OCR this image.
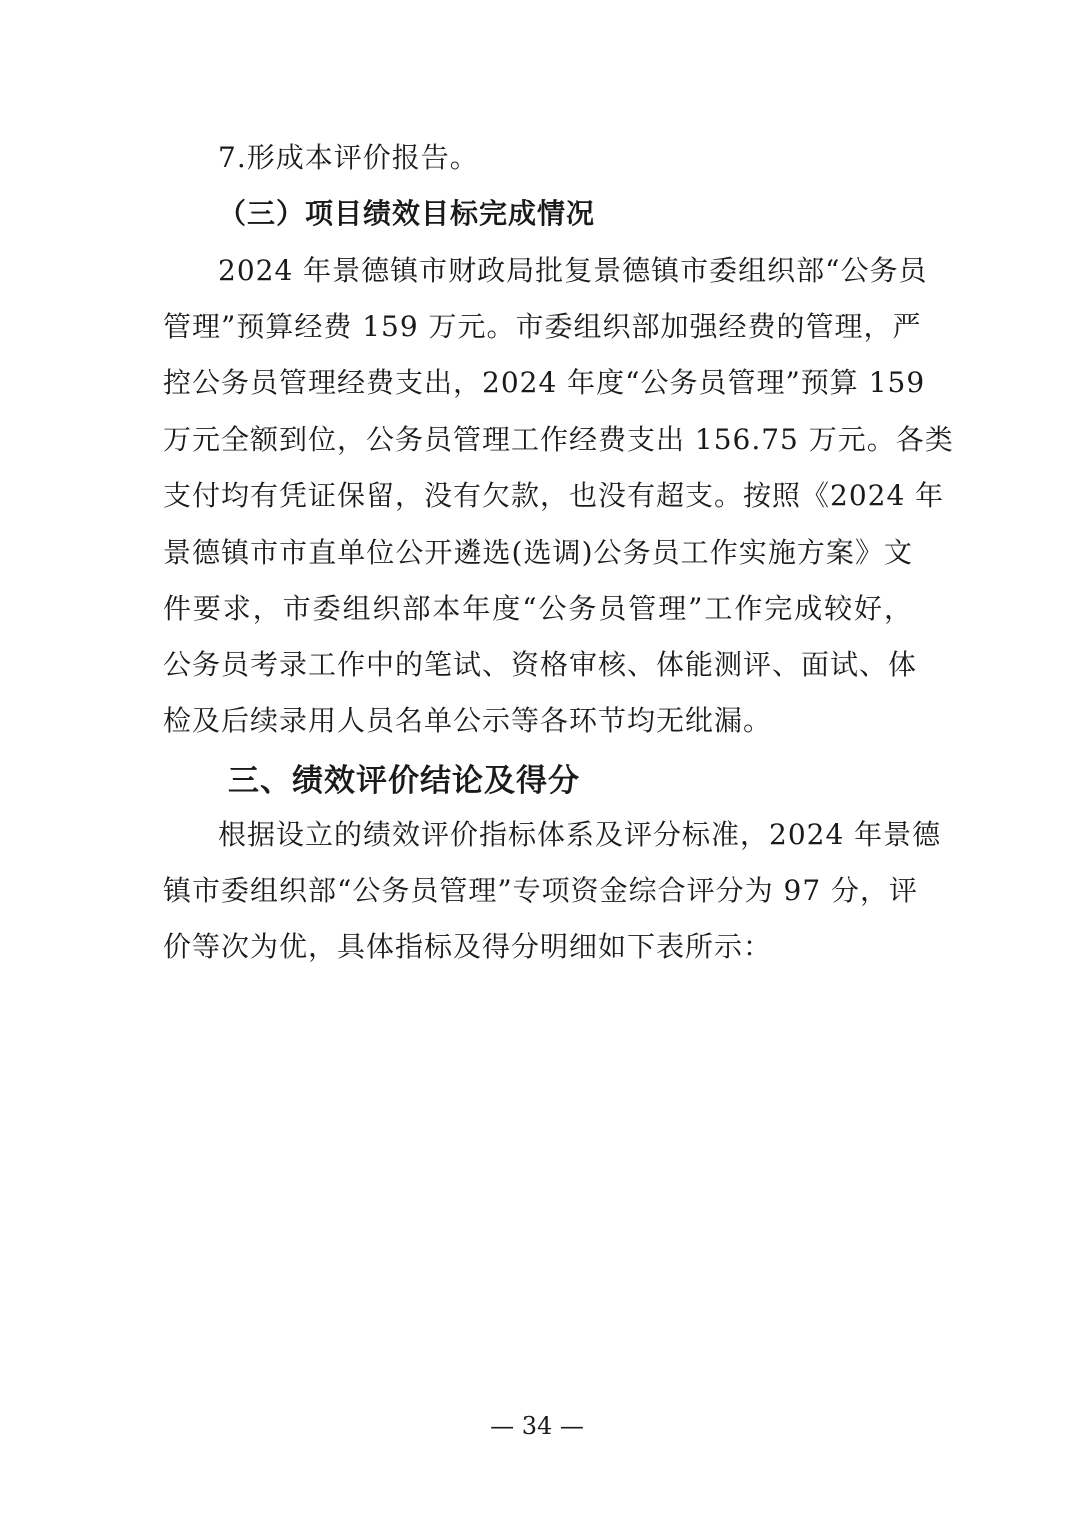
7.形成本评价报告。
（三）项目绩效目标完成情况
2024 年景德镇市财政局批复景德镇市委组织部“公务员
管理”预算经费 159 万元。市委组织部加强经费的管理，严
控公务员管理经费支出，2024 年度“公务员管理”预算 159
万元全额到位，公务员管理工作经费支出 156.75 万元。各类
支付均有凭证保留，没有欠款，也没有超支。按照《2024 年
景德镇市市直单位公开遴选(选调)公务员工作实施方案》文
件要求，市委组织部本年度“公务员管理”工作完成较好，
公务员考录工作中的笔试、资格审核、体能测评、面试、体
检及后续录用人员名单公示等各环节均无纰漏。
三、绩效评价结论及得分
根据设立的绩效评价指标体系及评分标准，2024 年景德
镇市委组织部“公务员管理”专项资金综合评分为 97 分，评
价等次为优，具体指标及得分明细如下表所示：
— 34 —
